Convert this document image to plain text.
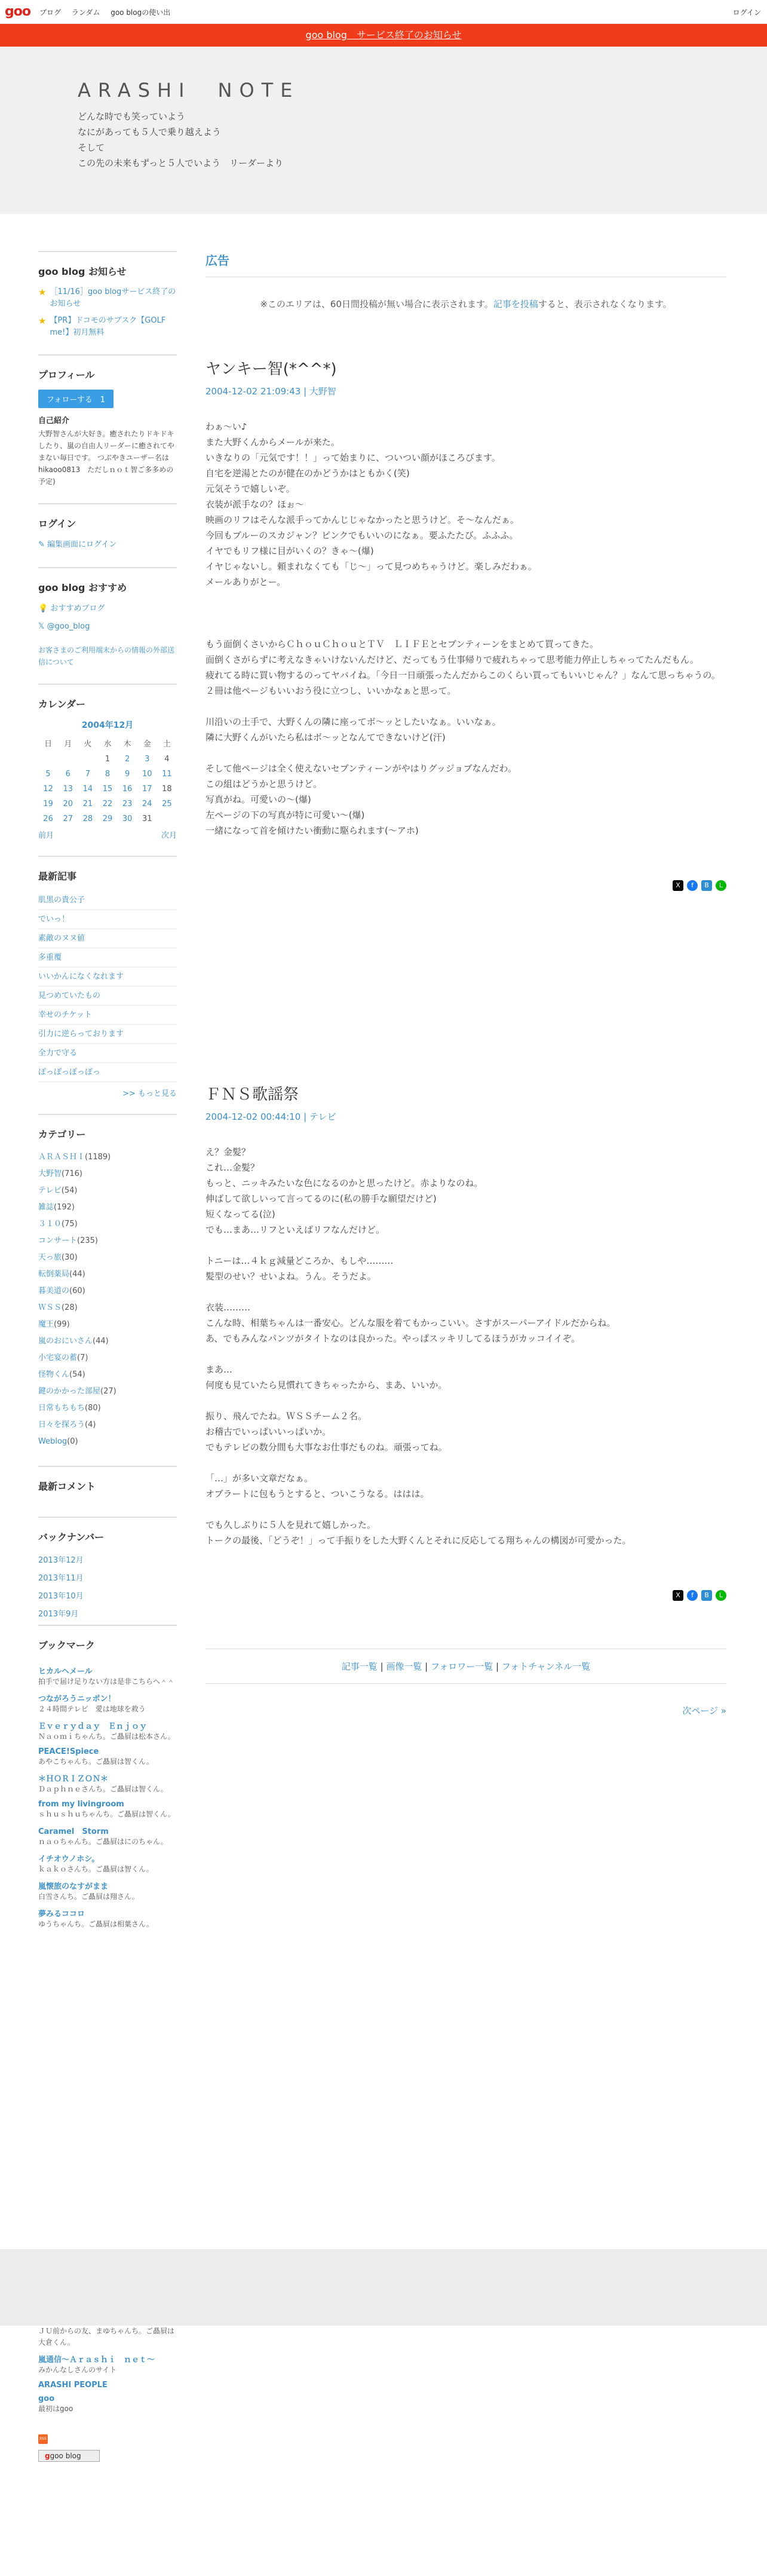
goo ブログ ランダム goo blogの使い出	ログイン
goo blog　サービス終了のお知らせ
ARASHI　NOTE
どんな時でも笑っていよう
なにがあっても５人で乗り越えよう
そして
この先の未来もずっと５人でいよう　リーダーより
goo blog お知らせ
★ ［11/16］goo blogサービス終了のお知らせ
★ 【PR】ドコモのサブスク【GOLF me!】初月無料
プロフィール
フォローする　1
自己紹介
大野智さんが大好き。癒されたりドキドキしたり、嵐の自由人リーダーに癒されてやまない毎日です。 つぶやきユーザー名は hikaoo0813　ただしｎｏｔ智ご多多めの予定)
ログイン
✎ 編集画面にログイン
goo blog おすすめ
💡 おすすめブログ
𝕏 @goo_blog
お客さまのご利用端末からの情報の外部送信について
カレンダー
2004年12月
日	月	火	水	木	金	土
			1	2	3	4
5	6	7	8	9	10	11
12	13	14	15	16	17	18
19	20	21	22	23	24	25
26	27	28	29	30	31	
前月	次月
最新記事
肌黒の貴公子
でいっ！
素敵のヌヌ値
多重覆
いいかんになくなれます
見つめていたもの
幸せのチケット
引力に逆らっております
全力で守る
ぽっぽっぽっぽっ
>> もっと見る
カテゴリー
ＡＲＡＳＨＩ(1189)
大野智(716)
テレビ(54)
雑誌(192)
３１０(75)
コンサート(235)
天っ旅(30)
転倒薬局(44)
暮美道の(60)
ＷＳＳ(28)
魔王(99)
嵐のおにいさん(44)
小宅宴の蓄(7)
怪物くん(54)
鍵のかかった部屋(27)
日常もちもち(80)
日々を探ろう(4)
Weblog(0)
最新コメント
バックナンバー
2013年12月
2013年11月
2013年10月
2013年9月
ブックマーク
ヒカルヘメール
拍手で届け足りない方は是非こちらへ＾＾
つながろうニッポン！
２４時間テレビ　愛は地球を救う
Ｅｖｅｒｙｄａｙ　Ｅｎｊｏｙ
Ｎａｏｍｉちゃんち。ご贔屓は松本さん。
PEACE!Spiece
あやこちゃんち。ご贔屓は智くん。
＊ＨＯＲＩＺＯＮ＊
Ｄａｐｈｎｅさんち。ご贔屓は智くん。
from my livingroom
ｓｈｕｓｈｕちゃんち。ご贔屓は智くん。
Caramel　Storm
ｎａｏちゃんち。ご贔屓はにのちゃん。
イチオウノホシ。
ｋａｋｏさんち。ご贔屓は智くん。
嵐懐旅のなすがまま
白雪さんち。ご贔屓は翔さん。
夢みるココロ
ゆうちゃんち。ご贔屓は相葉さん。
広告
※このエリアは、60日間投稿が無い場合に表示されます。記事を投稿すると、表示されなくなります。
ヤンキー智(*^^*)
2004-12-02 21:09:43 | 大野智

わぁ〜い♪

また大野くんからメールが来た。

いきなりの「元気です！！」って始まりに、ついつい顔がほころびます。

自宅を逆湯とたのが健在のかどうかはともかく(笑)

元気そうで嬉しいぞ。

衣装が派手なの？ほぉ〜

映画のリフはそんな派手ってかんじじゃなかったと思うけど。そ〜なんだぁ。

今回もブルーのスカジャン？ピンクでもいいのになぁ。要ふたたび。ふふふ。

イヤでもリフ様に目がいくの？きゃ〜(爆)

イヤじゃないし。頼まれなくても「じ〜」って見つめちゃうけど。楽しみだわぁ。

メールありがとー。

もう面倒くさいからＣｈｏｕＣｈｏｕとＴＶ　ＬＩＦＥとセブンティーンをまとめて買ってきた。

面倒くさがらずに考えなきゃいけないんだけど、だってもう仕事帰りで疲れちゃって思考能力停止しちゃってたんだもん。

疲れてる時に買い物するのってヤバイね。「今日一日頑張ったんだからこのくらい買ってもいいじゃん？」なんて思っちゃうの。２冊は他ページもいいおう役に立つし、いいかなぁと思って。

川沿いの土手で、大野くんの隣に座ってボ〜ッとしたいなぁ。いいなぁ。

隣に大野くんがいたら私はボ〜ッとなんてできないけど(汗)

そして他ページは全く使えないセブンティーンがやはりグッジョブなんだわ。

この組はどうかと思うけど。

写真がね。可愛いの〜(爆)

左ページの下の写真が特に可愛い〜(爆)

一緒になって首を傾けたい衝動に駆られます(〜アホ)

X	f	B	L
ＦＮＳ歌謡祭
2004-12-02 00:44:10 | テレビ

え？金髪？

これ…金髪？

もっと、ニッキみたいな色になるのかと思ったけど。赤よりなのね。

伸ばして欲しいって言ってるのに(私の勝手な願望だけど)

短くなってる(泣)

でも…まあ…リフといえばリフなんだけど。

トニーは…４ｋｇ減量どころか、もしや………

髪型のせい？せいよね。うん。そうだよ。

衣装………

こんな時、相葉ちゃんは一番安心。どんな服を着てもかっこいい。さすがスーパーアイドルだからね。

あ、でもみんなパンツがタイトなのは良かった。やっぱスッキリしてるほうがカッコイイぞ。

まあ…

何度も見ていたら見慣れてきちゃったから、まあ、いいか。

振り、飛んでたね。ＷＳＳチーム２名。

お稽古でいっぱいいっぱいか。

でもテレビの数分間も大事なお仕事だものね。頑張ってね。

「…」が多い文章だなぁ。

オブラートに包もうとすると、ついこうなる。ははは。

でも久しぶりに５人を見れて嬉しかった。

トークの最後、「どうぞ！」って手振りをした大野くんとそれに反応してる翔ちゃんの構図が可愛かった。

X	f	B	L
記事一覧 | 画像一覧 | フォロワー一覧 | フォトチャンネル一覧
次ページ »
ＪＵ前からの友、まゆちゃんち。ご贔屓は大倉くん。
嵐通信〜Ａｒａｓｈｉ　ｎｅｔ〜
みかんなしさんのサイト
ARASHI PEOPLE
goo
最初はgoo
RSS
ggoo blog
